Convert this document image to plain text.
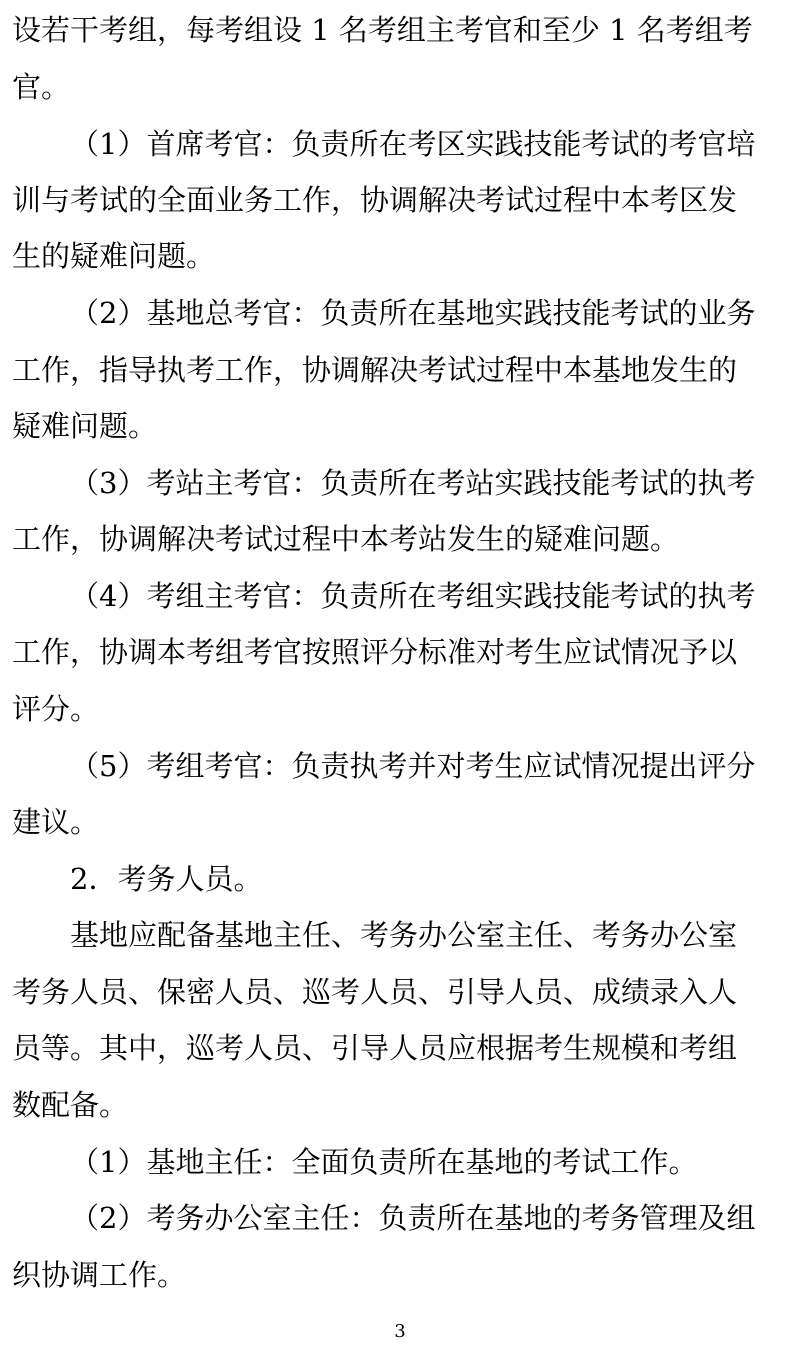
设若干考组，每考组设 1 名考组主考官和至少 1 名考组考
官。
（1）首席考官：负责所在考区实践技能考试的考官培
训与考试的全面业务工作，协调解决考试过程中本考区发
生的疑难问题。
（2）基地总考官：负责所在基地实践技能考试的业务
工作，指导执考工作，协调解决考试过程中本基地发生的
疑难问题。
（3）考站主考官：负责所在考站实践技能考试的执考
工作，协调解决考试过程中本考站发生的疑难问题。
（4）考组主考官：负责所在考组实践技能考试的执考
工作，协调本考组考官按照评分标准对考生应试情况予以
评分。
（5）考组考官：负责执考并对考生应试情况提出评分
建议。
2．考务人员。
基地应配备基地主任、考务办公室主任、考务办公室
考务人员、保密人员、巡考人员、引导人员、成绩录入人
员等。其中，巡考人员、引导人员应根据考生规模和考组
数配备。
（1）基地主任：全面负责所在基地的考试工作。
（2）考务办公室主任：负责所在基地的考务管理及组
织协调工作。
3
